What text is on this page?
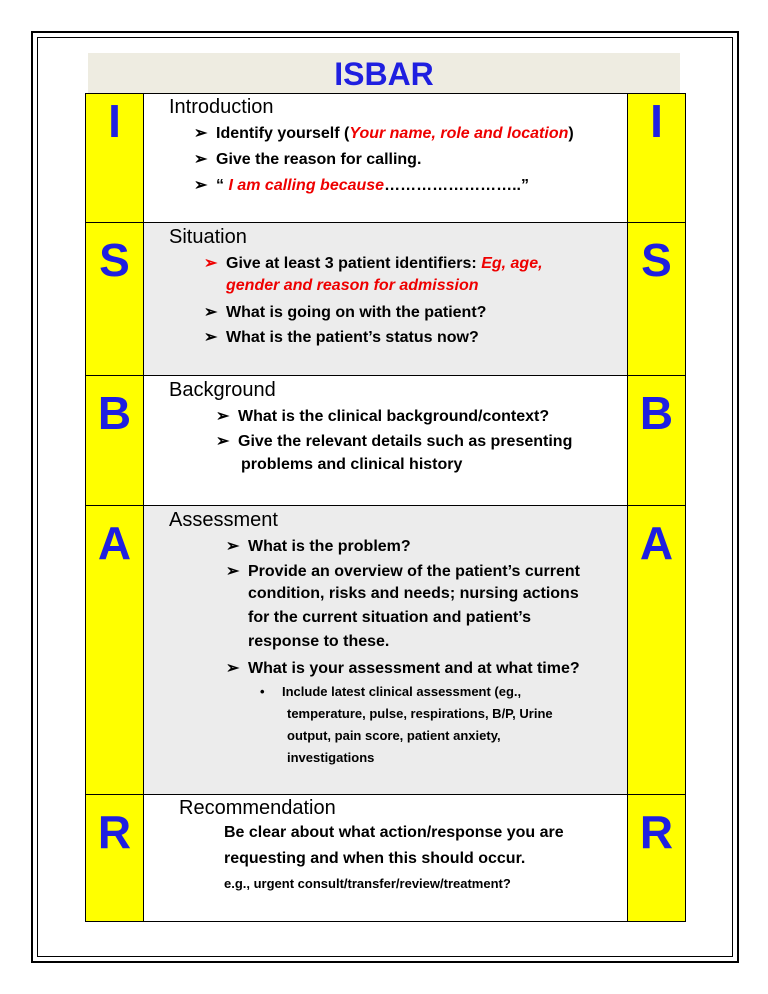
ISBAR
I	Introduction
➢ Identify yourself (Your name, role and location)
➢ Give the reason for calling.
➢ “ I am calling because……………………..”
I
S	Situation
➢ Give at least 3 patient identifiers: Eg, age,
gender and reason for admission
➢ What is going on with the patient?
➢ What is the patient’s status now?
S
B	Background
➢ What is the clinical background/context?
➢ Give the relevant details such as presenting
problems and clinical history
B
A	Assessment
➢ What is the problem?
➢ Provide an overview of the patient’s current
condition, risks and needs; nursing actions
for the current situation and patient’s
response to these.
➢ What is your assessment and at what time?
• Include latest clinical assessment (eg.,
temperature, pulse, respirations, B/P, Urine
output, pain score, patient anxiety,
investigations
A
R	Recommendation
Be clear about what action/response you are
requesting and when this should occur.
e.g., urgent consult/transfer/review/treatment?
R
